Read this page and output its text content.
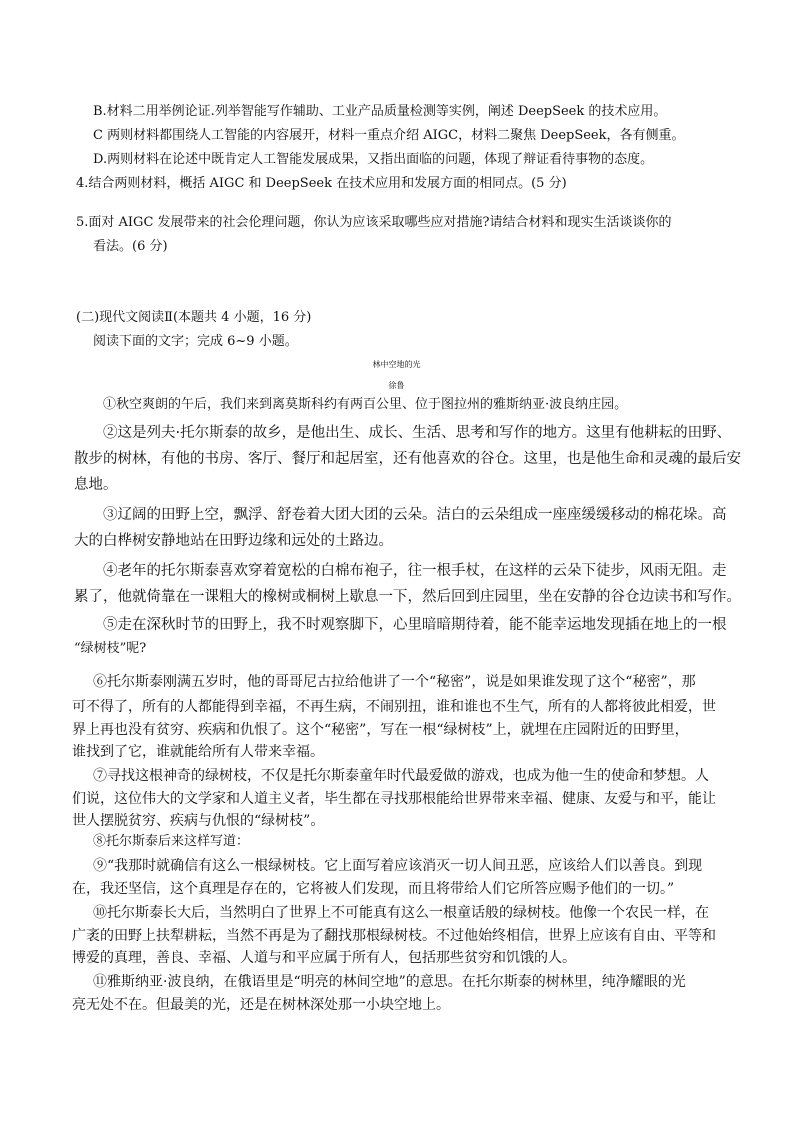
B.材料二用举例论证.列举智能写作辅助、工业产品质量检测等实例，阐述 DeepSeek 的技术应用。
C 两则材料都围绕人工智能的内容展开，材料一重点介绍 AIGC，材料二聚焦 DeepSeek，各有侧重。
D.两则材料在论述中既肯定人工智能发展成果，又指出面临的问题，体现了辩证看待事物的态度。
4.结合两则材料，概括 AIGC 和 DeepSeek 在技术应用和发展方面的相同点。(5 分)
5.面对 AIGC 发展带来的社会伦理问题，你认为应该采取哪些应对措施?请结合材料和现实生活谈谈你的
看法。(6 分)
(二)现代文阅读Ⅱ(本题共 4 小题，16 分)
阅读下面的文字；完成 6~9 小题。
林中空地的光
徐鲁
①秋空爽朗的午后，我们来到离莫斯科约有两百公里、位于图拉州的雅斯纳亚·波良纳庄园。
②这是列夫·托尔斯泰的故乡，是他出生、成长、生活、思考和写作的地方。这里有他耕耘的田野、
散步的树林，有他的书房、客厅、餐厅和起居室，还有他喜欢的谷仓。这里，也是他生命和灵魂的最后安
息地。
③辽阔的田野上空，飘浮、舒卷着大团大团的云朵。洁白的云朵组成一座座缓缓移动的棉花垛。高
大的白桦树安静地站在田野边缘和远处的土路边。
④老年的托尔斯泰喜欢穿着宽松的白棉布袍子，往一根手杖，在这样的云朵下徒步，风雨无阻。走
累了，他就倚靠在一课粗大的橡树或桐树上歇息一下，然后回到庄园里，坐在安静的谷仓边读书和写作。
⑤走在深秋时节的田野上，我不时观察脚下，心里暗暗期待着，能不能幸运地发现插在地上的一根
“绿树枝”呢?
⑥托尔斯泰刚满五岁时，他的哥哥尼古拉给他讲了一个“秘密”，说是如果谁发现了这个“秘密”，那
可不得了，所有的人都能得到幸福，不再生病，不闹别扭，谁和谁也不生气，所有的人都将彼此相爱，世
界上再也没有贫穷、疾病和仇恨了。这个“秘密”，写在一根“绿树枝”上，就埋在庄园附近的田野里，
谁找到了它，谁就能给所有人带来幸福。
⑦寻找这根神奇的绿树枝，不仅是托尔斯泰童年时代最爱做的游戏，也成为他一生的使命和梦想。人
们说，这位伟大的文学家和人道主义者，毕生都在寻找那根能给世界带来幸福、健康、友爱与和平，能让
世人摆脱贫穷、疾病与仇恨的“绿树枝”。
⑧托尔斯泰后来这样写道：
⑨“我那时就确信有这么一根绿树枝。它上面写着应该消灭一切人间丑恶，应该给人们以善良。到现
在，我还坚信，这个真理是存在的，它将被人们发现，而且将带给人们它所答应赐予他们的一切。”
⑩托尔斯泰长大后，当然明白了世界上不可能真有这么一根童话般的绿树枝。他像一个农民一样，在
广袤的田野上扶犁耕耘，当然不再是为了翻找那根绿树枝。不过他始终相信，世界上应该有自由、平等和
博爱的真理，善良、幸福、人道与和平应属于所有人，包括那些贫穷和饥饿的人。
⑪雅斯纳亚·波良纳，在俄语里是“明亮的林间空地”的意思。在托尔斯泰的树林里，纯净耀眼的光
亮无处不在。但最美的光，还是在树林深处那一小块空地上。
